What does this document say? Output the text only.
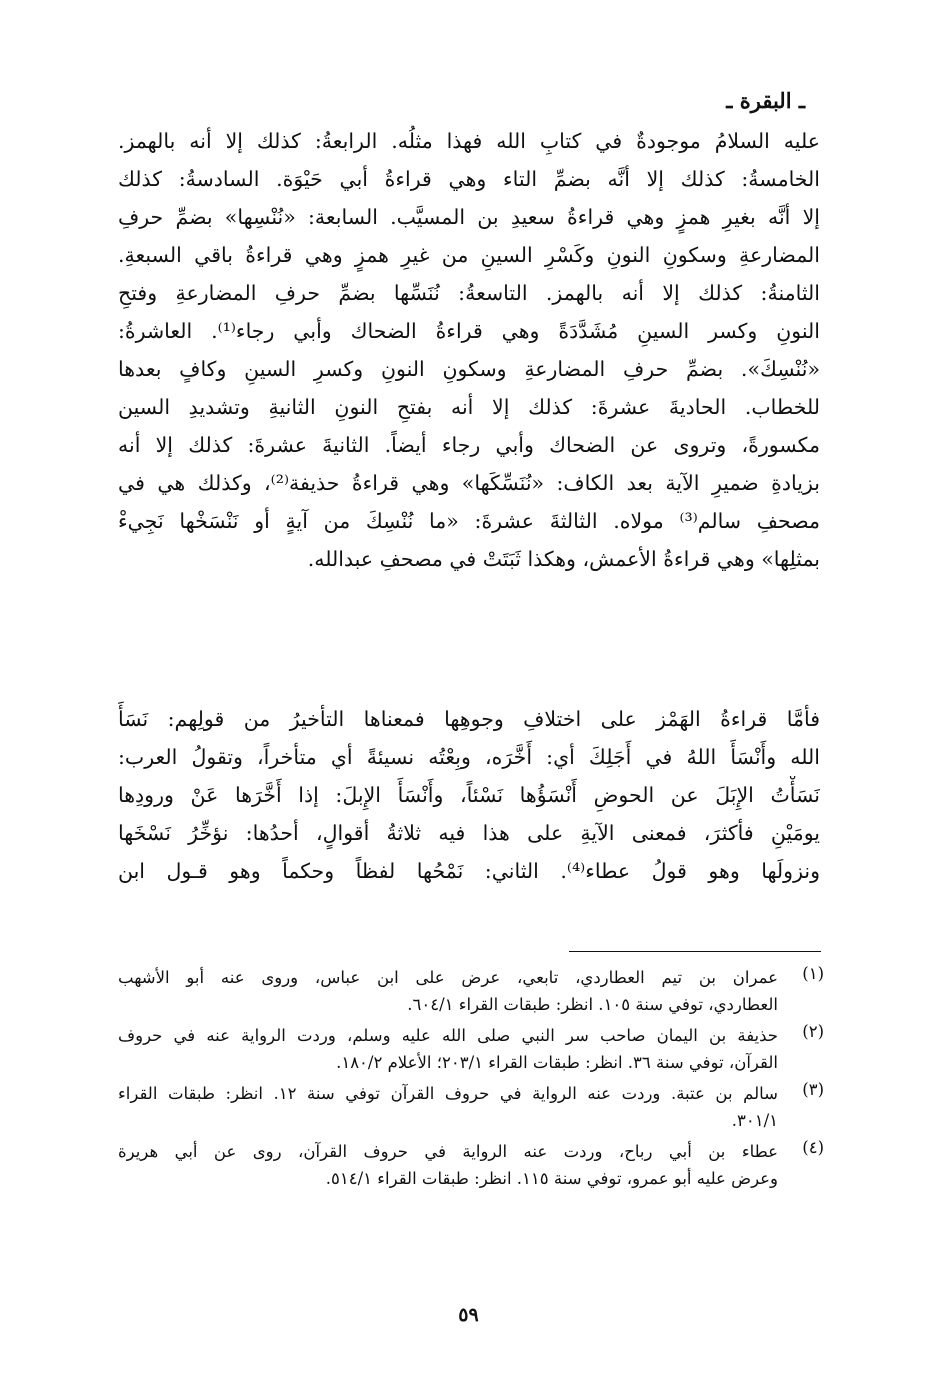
ـ البقرة ـ
عليه السلامُ موجودةٌ في كتابِ الله فهذا مثلُه. الرابعةُ: كذلك إلا أنه بالهمز.
الخامسةُ: كذلك إلا أنَّه بضمِّ التاء وهي قراءةُ أبي حَيْوَة. السادسةُ: كذلك
إلا أنَّه بغيرِ همزٍ وهي قراءةُ سعيدِ بن المسيَّب. السابعة: «نُنْسِها» بضمِّ حرفِ
المضارعةِ وسكونِ النونِ وكَسْرِ السينِ من غيرِ همزٍ وهي قراءةُ باقي السبعةِ.
الثامنةُ: كذلك إلا أنه بالهمز. التاسعةُ: نُنَسِّها بضمِّ حرفِ المضارعةِ وفتحِ
النونِ وكسر السينِ مُشَدَّدَةً وهي قراءةُ الضحاك وأبي رجاء⁽¹⁾. العاشرةُ:
«نُنْسِكَ». بضمِّ حرفِ المضارعةِ وسكونِ النونِ وكسرِ السينِ وكافٍ بعدها
للخطاب. الحاديةَ عشرةَ: كذلك إلا أنه بفتحِ النونِ الثانيةِ وتشديدِ السين
مكسورةً، وتروى عن الضحاك وأبي رجاء أيضاً. الثانيةَ عشرةَ: كذلك إلا أنه
بزيادةِ ضميرِ الآية بعد الكاف: «نُنَسِّكَها» وهي قراءةُ حذيفة⁽²⁾، وكذلك هي في
مصحفِ سالم⁽³⁾ مولاه. الثالثةَ عشرةَ: «ما نُنْسِكَ من آيةٍ أو نَنْسَخْها نَجِيءْ
بمثلِها» وهي قراءةُ الأعمش، وهكذا ثَبَتَتْ في مصحفِ عبدالله.
فأمَّا قراءةُ الهَمْز على اختلافِ وجوهِها فمعناها التأخيرُ من قولِهم: نَسَأَ
الله وأَنْسَأَ اللهُ في أَجَلِكَ أي: أَخَّرَه، وبِعْتُه نسيئةً أي متأخراً، وتقولُ العرب:
نَسَأْتُ الإِبَلَ عن الحوضِ أَنْسَؤُها نَسْئاً، وأَنْسَأَ الإِبلَ: إذا أَخَّرَها عَنْ ورودِها
يومَيْنِ فأكثرَ، فمعنى الآيةِ على هذا فيه ثلاثةُ أقوالٍ، أحدُها: نؤخِّرُ نَسْخَها
ونزولَها وهو قولُ عطاء⁽⁴⁾. الثاني: نَمْحُها لفظاً وحكماً وهو قـول ابن
(١)
عمران بن تيم العطاردي، تابعي، عرض على ابن عباس، وروى عنه أبو الأشهب
العطاردي، توفي سنة ١٠٥. انظر: طبقات القراء ٦٠٤/١.
(٢)
حذيفة بن اليمان صاحب سر النبي صلى الله عليه وسلم، وردت الرواية عنه في حروف
القرآن، توفي سنة ٣٦. انظر: طبقات القراء ٢٠٣/١؛ الأعلام ١٨٠/٢.
(٣)
سالم بن عتبة. وردت عنه الرواية في حروف القرآن توفي سنة ١٢. انظر: طبقات القراء
٣٠١/١.
(٤)
عطاء بن أبي رباح، وردت عنه الرواية في حروف القرآن، روى عن أبي هريرة
وعرض عليه أبو عمرو، توفي سنة ١١٥. انظر: طبقات القراء ٥١٤/١.
٥٩
